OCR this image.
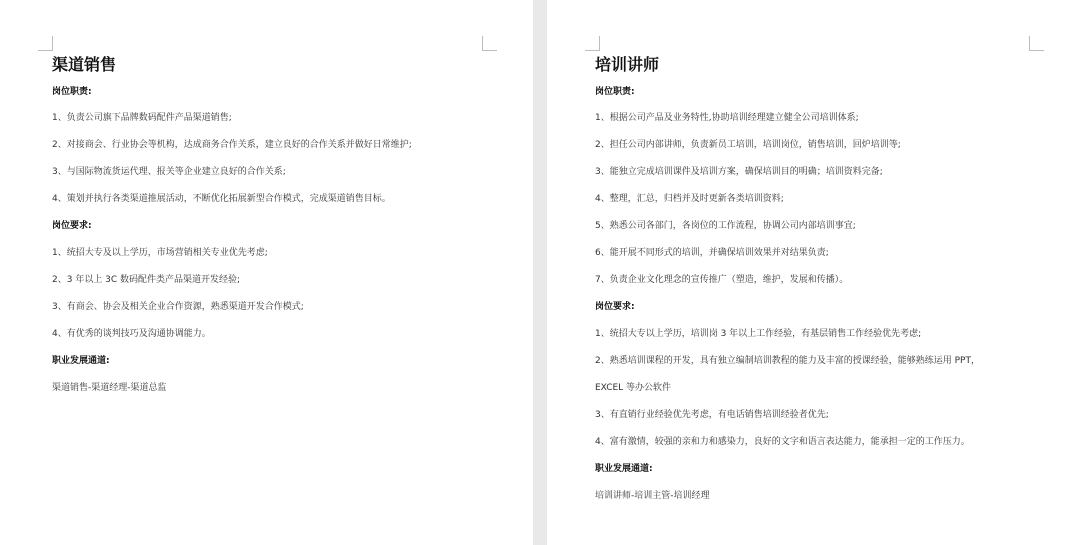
渠道销售

岗位职责:

1、负责公司旗下品牌数码配件产品渠道销售;

2、对接商会、行业协会等机构，达成商务合作关系，建立良好的合作关系并做好日常维护;

3、与国际物流货运代理、报关等企业建立良好的合作关系;

4、策划并执行各类渠道推展活动，不断优化拓展新型合作模式，完成渠道销售目标。

岗位要求:

1、统招大专及以上学历，市场营销相关专业优先考虑;

2、3 年以上 3C 数码配件类产品渠道开发经验;

3、有商会、协会及相关企业合作资源，熟悉渠道开发合作模式;

4、有优秀的谈判技巧及沟通协调能力。

职业发展通道:

渠道销售-渠道经理-渠道总监

培训讲师

岗位职责:

1、根据公司产品及业务特性,协助培训经理建立健全公司培训体系;

2、担任公司内部讲师，负责新员工培训，培训岗位，销售培训，回炉培训等;

3、能独立完成培训课件及培训方案，确保培训目的明确；培训资料完备;

4、整理，汇总，归档并及时更新各类培训资料;

5、熟悉公司各部门，各岗位的工作流程，协调公司内部培训事宜;

6、能开展不同形式的培训，并确保培训效果并对结果负责;

7、负责企业文化理念的宣传推广（塑造，维护，发展和传播）。

岗位要求:

1、统招大专以上学历，培训岗 3 年以上工作经验，有基层销售工作经验优先考虑;

2、熟悉培训课程的开发，具有独立编制培训教程的能力及丰富的授课经验，能够熟练运用 PPT，

EXCEL 等办公软件

3、有直销行业经验优先考虑，有电话销售培训经验者优先;

4、富有激情，较强的亲和力和感染力，良好的文字和语言表达能力，能承担一定的工作压力。

职业发展通道:

培训讲师-培训主管-培训经理
